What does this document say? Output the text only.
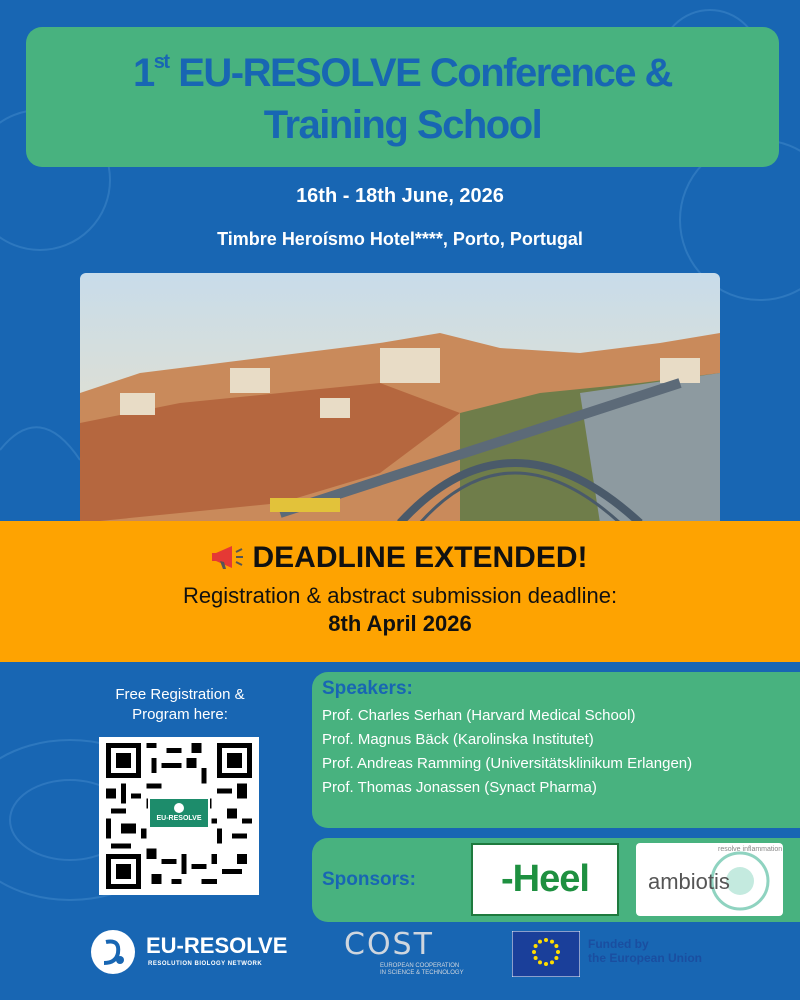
1st EU-RESOLVE Conference &
Training School
16th - 18th June, 2026
Timbre Heroísmo Hotel****, Porto, Portugal
DEADLINE EXTENDED!
Registration & abstract submission deadline:
8th April 2026
Free Registration &
Program here:
EU-RESOLVE
Speakers:
Prof. Charles Serhan (Harvard Medical School)
Prof. Magnus Bäck (Karolinska Institutet)
Prof. Andreas Ramming (Universitätsklinikum Erlangen)
Prof. Thomas Jonassen (Synact Pharma)
Sponsors:	-Heel	ambiotis
resolve inflammation
EU-RESOLVE
RESOLUTION BIOLOGY NETWORK
COST
EUROPEAN COOPERATION
IN SCIENCE & TECHNOLOGY
Funded by
the European Union
